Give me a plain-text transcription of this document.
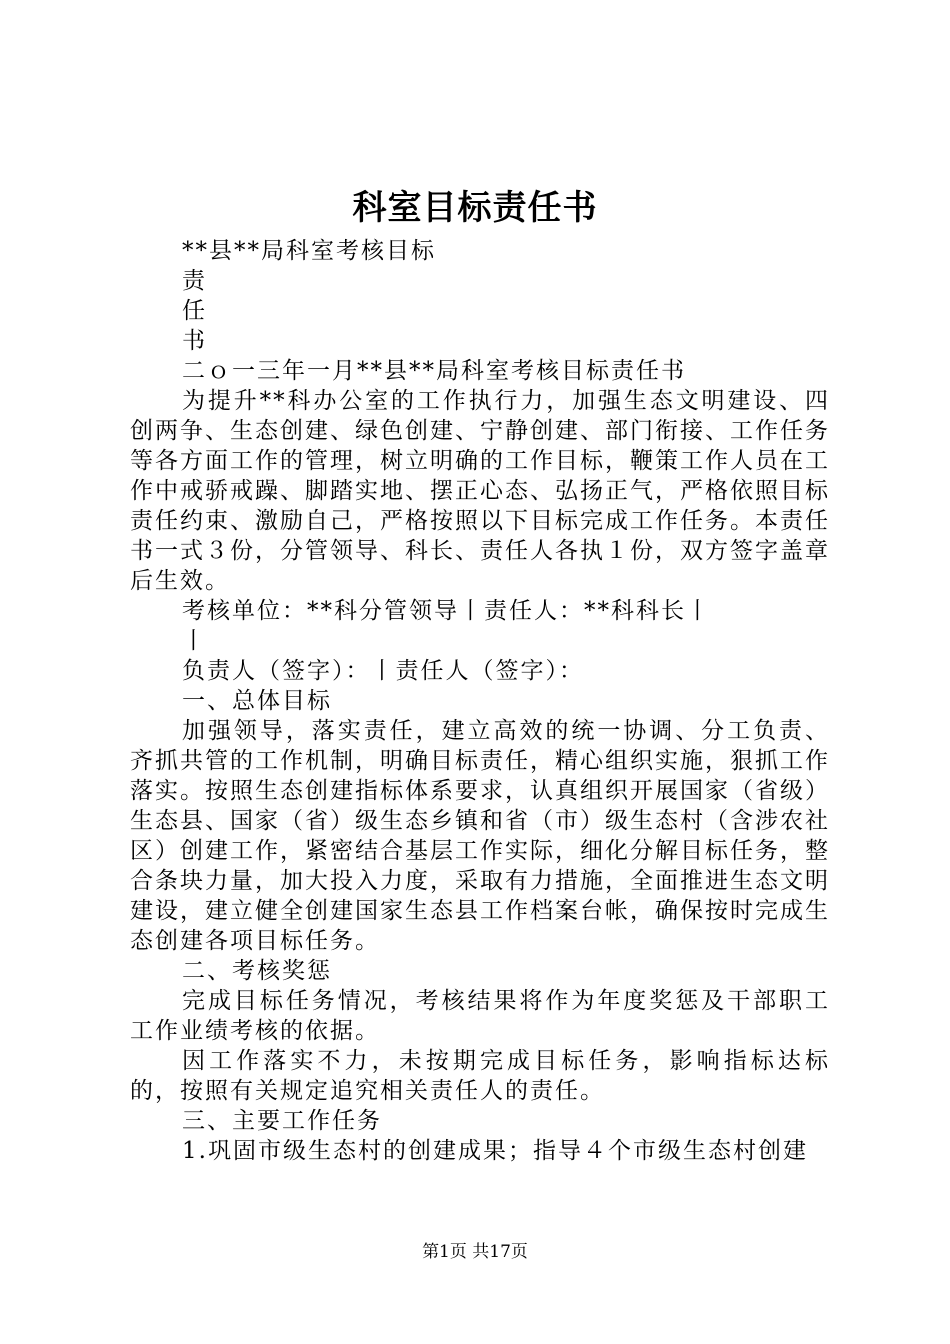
科室目标责任书
**县**局科室考核目标
责
任
书
二ｏ一三年一月**县**局科室考核目标责任书

为提升**科办公室的工作执行力，加强生态文明建设、四创两争、生态创建、绿色创建、宁静创建、部门衔接、工作任务等各方面工作的管理，树立明确的工作目标，鞭策工作人员在工作中戒骄戒躁、脚踏实地、摆正心态、弘扬正气，严格依照目标责任约束、激励自己，严格按照以下目标完成工作任务。本责任书一式３份，分管领导、科长、责任人各执１份，双方签字盖章后生效。

考核单位：**科分管领导丨责任人：**科科长丨
丨
负责人（签字）：丨责任人（签字）：
一、总体目标

加强领导，落实责任，建立高效的统一协调、分工负责、齐抓共管的工作机制，明确目标责任，精心组织实施，狠抓工作落实。按照生态创建指标体系要求，认真组织开展国家（省级）生态县、国家（省）级生态乡镇和省（市）级生态村（含涉农社区）创建工作，紧密结合基层工作实际，细化分解目标任务，整合条块力量，加大投入力度，采取有力措施，全面推进生态文明建设，建立健全创建国家生态县工作档案台帐，确保按时完成生态创建各项目标任务。

二、考核奖惩

完成目标任务情况，考核结果将作为年度奖惩及干部职工工作业绩考核的依据。

因工作落实不力，未按期完成目标任务，影响指标达标的，按照有关规定追究相关责任人的责任。

三、主要工作任务
1.巩固市级生态村的创建成果；指导４个市级生态村创建
第1页 共17页
